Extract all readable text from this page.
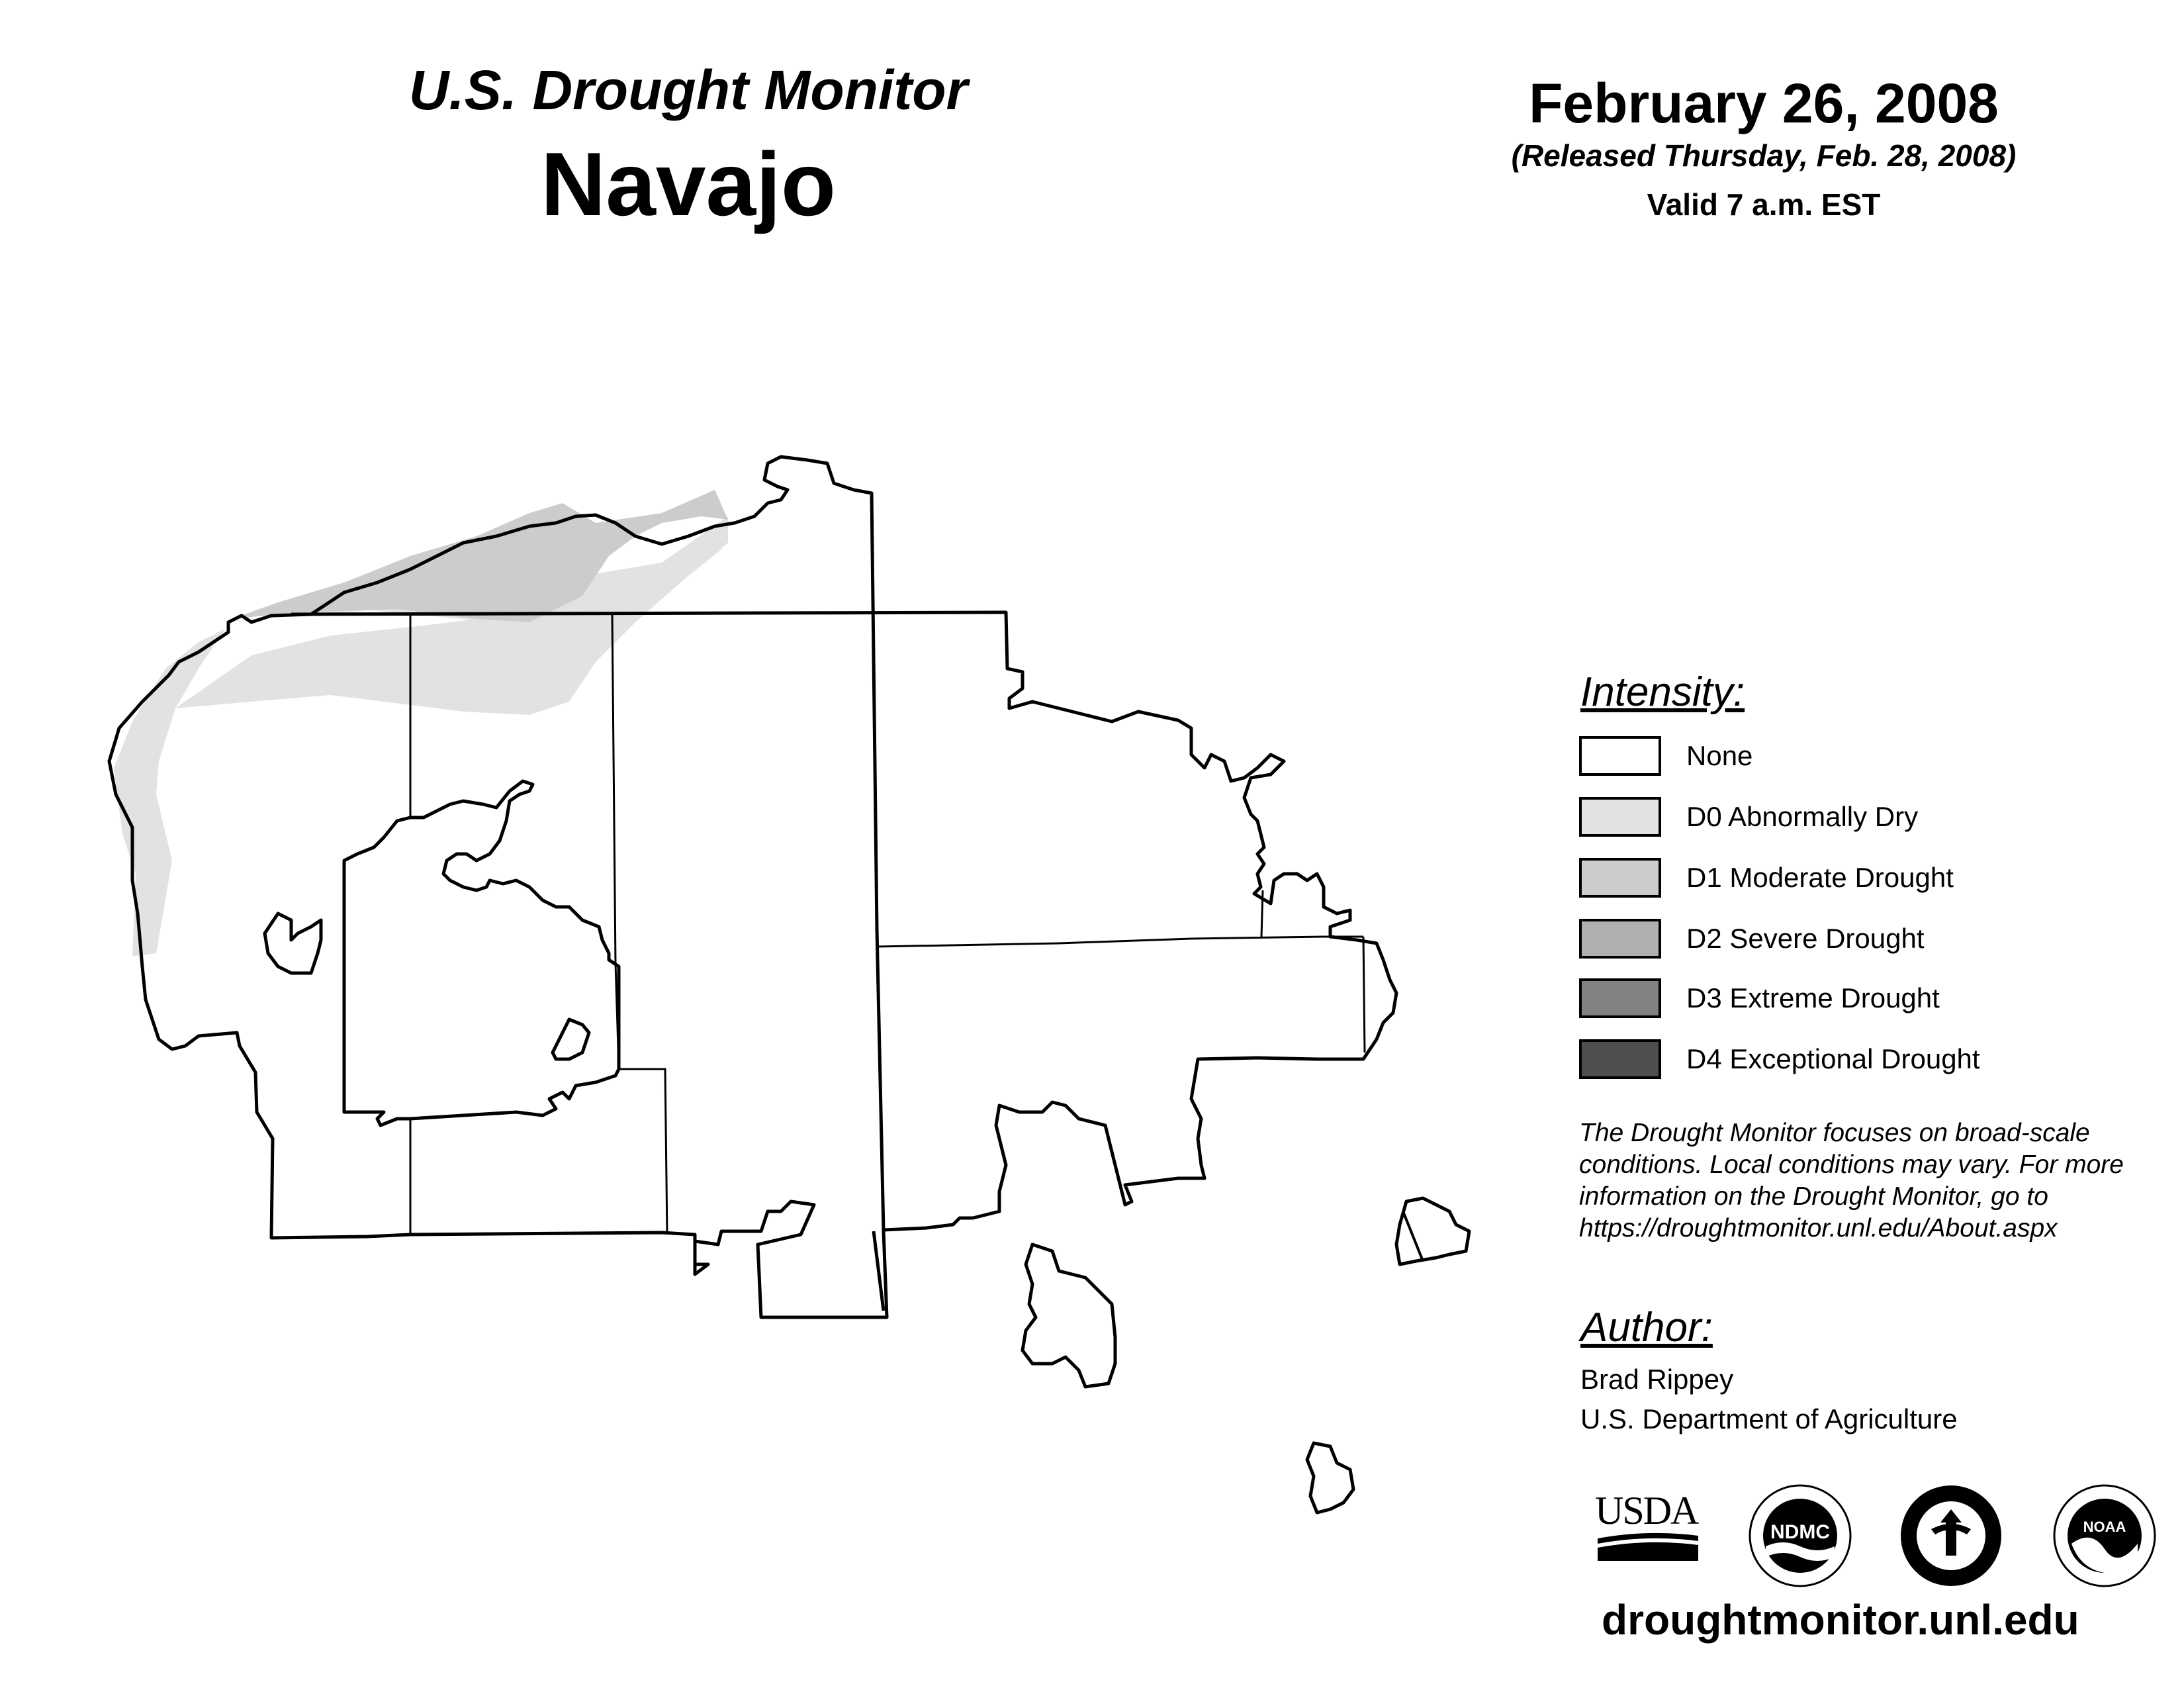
U.S. Drought Monitor
Navajo
February 26, 2008
(Released Thursday, Feb. 28, 2008)
Valid 7 a.m. EST
Intensity:
None
D0 Abnormally Dry
D1 Moderate Drought
D2 Severe Drought
D3 Extreme Drought
D4 Exceptional Drought
The Drought Monitor focuses on broad-scale
conditions. Local conditions may vary. For more
information on the Drought Monitor, go to
https://droughtmonitor.unl.edu/About.aspx
Author:
Brad Rippey
U.S. Department of Agriculture
USDA	NDMC	NOAA
droughtmonitor.unl.edu
